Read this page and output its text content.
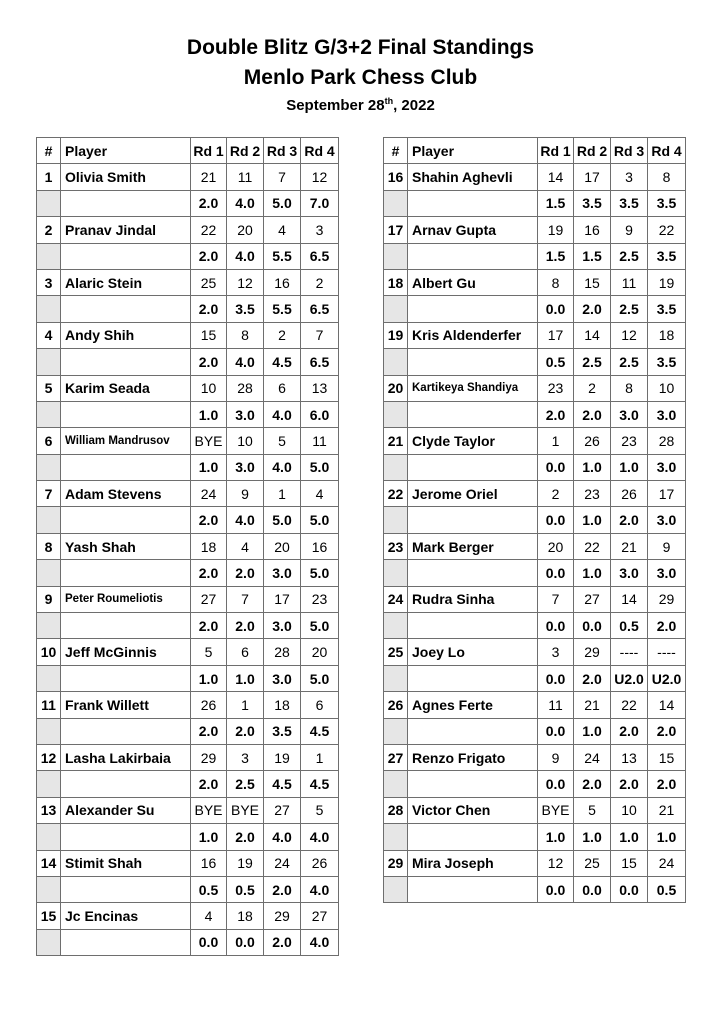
Double Blitz G/3+2 Final Standings
Menlo Park Chess Club
September 28th, 2022
#	Player	Rd 1	Rd 2	Rd 3	Rd 4
1	Olivia Smith	21	11	7	12
		2.0	4.0	5.0	7.0
2	Pranav Jindal	22	20	4	3
		2.0	4.0	5.5	6.5
3	Alaric Stein	25	12	16	2
		2.0	3.5	5.5	6.5
4	Andy Shih	15	8	2	7
		2.0	4.0	4.5	6.5
5	Karim Seada	10	28	6	13
		1.0	3.0	4.0	6.0
6	William Mandrusov	BYE	10	5	11
		1.0	3.0	4.0	5.0
7	Adam Stevens	24	9	1	4
		2.0	4.0	5.0	5.0
8	Yash Shah	18	4	20	16
		2.0	2.0	3.0	5.0
9	Peter Roumeliotis	27	7	17	23
		2.0	2.0	3.0	5.0
10	Jeff McGinnis	5	6	28	20
		1.0	1.0	3.0	5.0
11	Frank Willett	26	1	18	6
		2.0	2.0	3.5	4.5
12	Lasha Lakirbaia	29	3	19	1
		2.0	2.5	4.5	4.5
13	Alexander Su	BYE	BYE	27	5
		1.0	2.0	4.0	4.0
14	Stimit Shah	16	19	24	26
		0.5	0.5	2.0	4.0
15	Jc Encinas	4	18	29	27
		0.0	0.0	2.0	4.0
#	Player	Rd 1	Rd 2	Rd 3	Rd 4
16	Shahin Aghevli	14	17	3	8
		1.5	3.5	3.5	3.5
17	Arnav Gupta	19	16	9	22
		1.5	1.5	2.5	3.5
18	Albert Gu	8	15	11	19
		0.0	2.0	2.5	3.5
19	Kris Aldenderfer	17	14	12	18
		0.5	2.5	2.5	3.5
20	Kartikeya Shandiya	23	2	8	10
		2.0	2.0	3.0	3.0
21	Clyde Taylor	1	26	23	28
		0.0	1.0	1.0	3.0
22	Jerome Oriel	2	23	26	17
		0.0	1.0	2.0	3.0
23	Mark Berger	20	22	21	9
		0.0	1.0	3.0	3.0
24	Rudra Sinha	7	27	14	29
		0.0	0.0	0.5	2.0
25	Joey Lo	3	29	----	----
		0.0	2.0	U2.0	U2.0
26	Agnes Ferte	11	21	22	14
		0.0	1.0	2.0	2.0
27	Renzo Frigato	9	24	13	15
		0.0	2.0	2.0	2.0
28	Victor Chen	BYE	5	10	21
		1.0	1.0	1.0	1.0
29	Mira Joseph	12	25	15	24
		0.0	0.0	0.0	0.5
